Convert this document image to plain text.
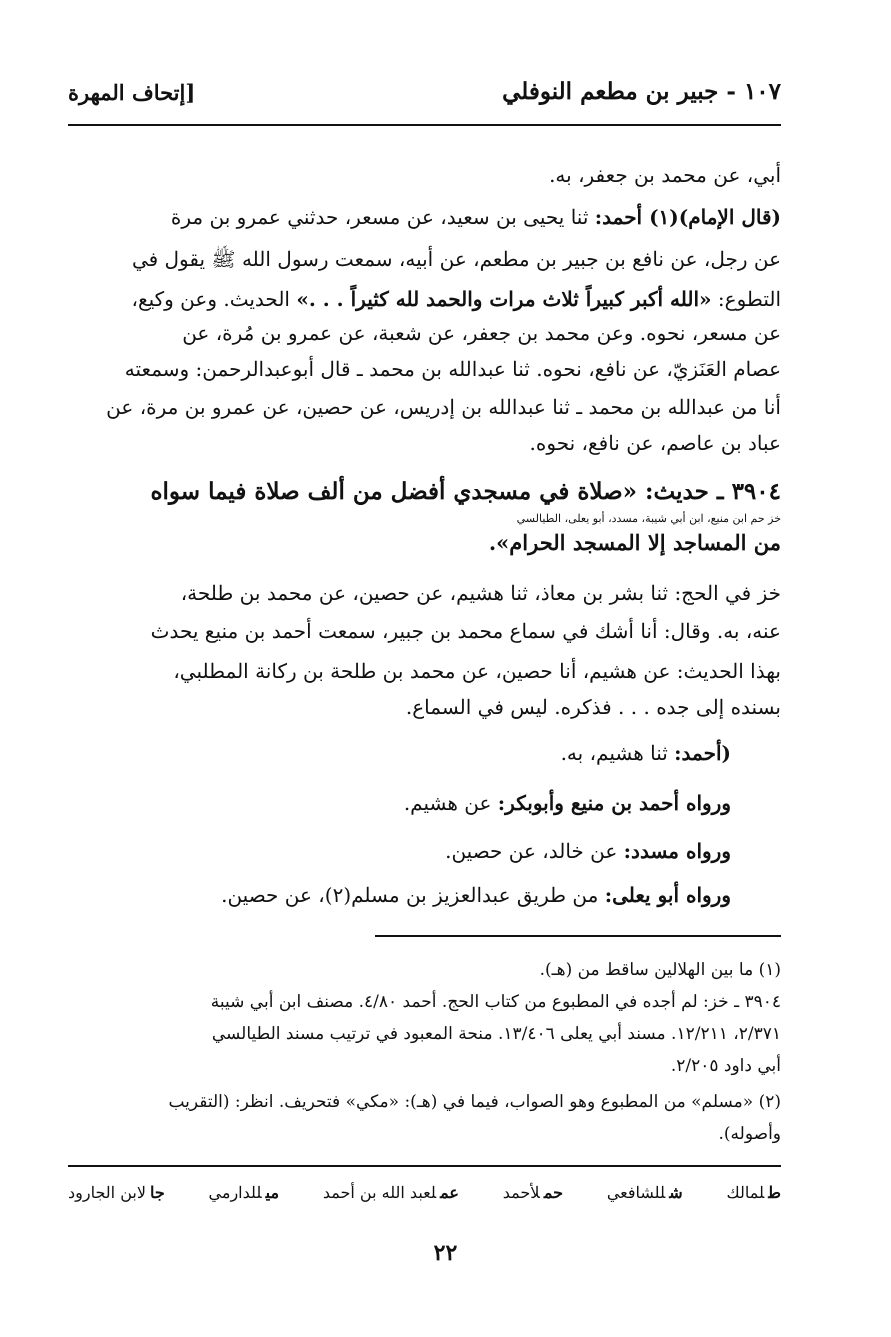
١٠٧ - جبير بن مطعم النوفلي
[إتحاف المهرة
أبي، عن محمد بن جعفر، به.
(قال الإمام)(١) أحمد: ثنا يحيى بن سعيد، عن مسعر، حدثني عمرو بن مرة
عن رجل، عن نافع بن جبير بن مطعم، عن أبيه، سمعت رسول الله ﷺ يقول في
التطوع: «الله أكبر كبيراً ثلاث مرات والحمد لله كثيراً . . .» الحديث. وعن وكيع،
عن مسعر، نحوه. وعن محمد بن جعفر، عن شعبة، عن عمرو بن مُرة، عن
عصام العَنَزيّ، عن نافع، نحوه. ثنا عبدالله بن محمد ـ قال أبوعبدالرحمن: وسمعته
أنا من عبدالله بن محمد ـ ثنا عبدالله بن إدريس، عن حصين، عن عمرو بن مرة، عن
عباد بن عاصم، عن نافع، نحوه.
٣٩٠٤ ـ حديث: «صلاة في مسجدي أفضل من ألف صلاة فيما سواه
خز حم ابن منيع، ابن أبي شيبة، مسدد، أبو يعلى، الطيالسي
من المساجد إلا المسجد الحرام».
خز في الحج: ثنا بشر بن معاذ، ثنا هشيم، عن حصين، عن محمد بن طلحة،
عنه، به. وقال: أنا أشك في سماع محمد بن جبير، سمعت أحمد بن منيع يحدث
بهذا الحديث: عن هشيم، أنا حصين، عن محمد بن طلحة بن ركانة المطلبي،
بسنده إلى جده . . . فذكره. ليس في السماع.
(أحمد: ثنا هشيم، به.
ورواه أحمد بن منيع وأبوبكر: عن هشيم.
ورواه مسدد: عن خالد، عن حصين.
ورواه أبو يعلى: من طريق عبدالعزيز بن مسلم(٢)، عن حصين.
(١) ما بين الهلالين ساقط من (هـ).
٣٩٠٤ ـ خز: لم أجده في المطبوع من كتاب الحج. أحمد ٤/٨٠. مصنف ابن أبي شيبة
٢/٣٧١، ١٢/٢١١. مسند أبي يعلى ١٣/٤٠٦. منحة المعبود في ترتيب مسند الطيالسي
أبي داود ٢/٢٠٥.
(٢) «مسلم» من المطبوع وهو الصواب، فيما في (هـ): «مكي» فتحريف. انظر: (التقريب
وأصوله).
طلمالك
شللشافعي
حملأحمد
عملعبد الله بن أحمد
ميللدارمي
جالابن الجارود
٢٢
